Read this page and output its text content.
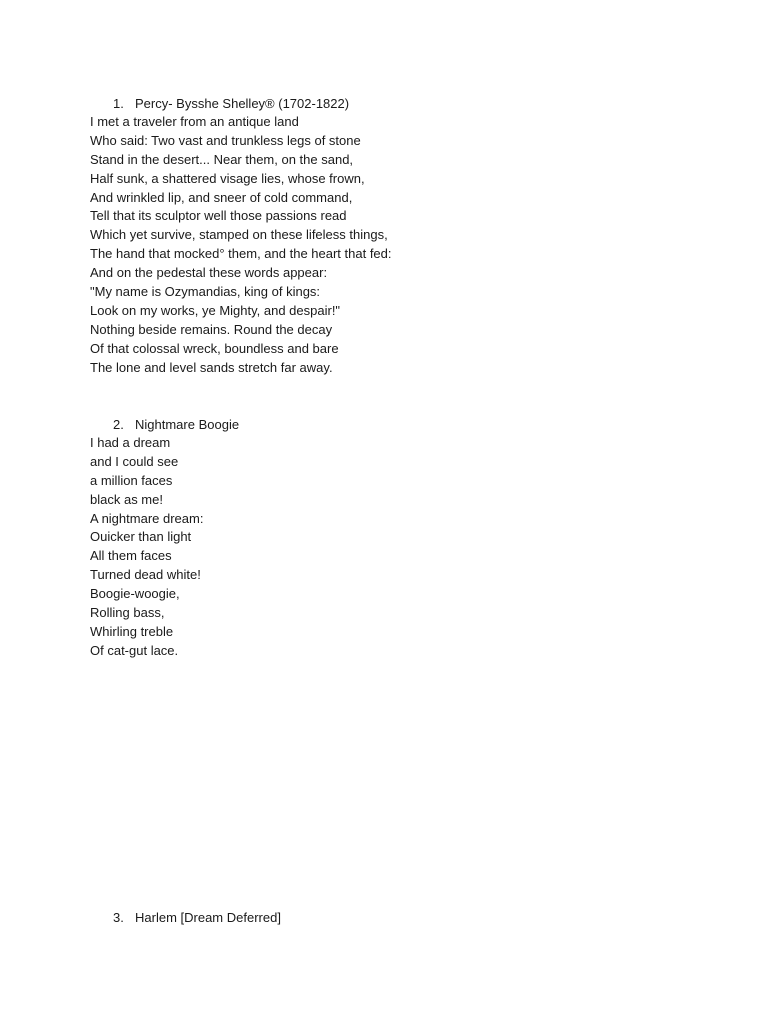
1. Percy- Bysshe Shelley® (1702-1822)
I met a traveler from an antique land
Who said: Two vast and trunkless legs of stone
Stand in the desert... Near them, on the sand,
Half sunk, a shattered visage lies, whose frown,
And wrinkled lip, and sneer of cold command,
Tell that its sculptor well those passions read
Which yet survive, stamped on these lifeless things,
The hand that mocked° them, and the heart that fed:
And on the pedestal these words appear:
"My name is Ozymandias, king of kings:
Look on my works, ye Mighty, and despair!"
Nothing beside remains. Round the decay
Of that colossal wreck, boundless and bare
The lone and level sands stretch far away.
2. Nightmare Boogie
I had a dream
and I could see
a million faces
black as me!
A nightmare dream:
Ouicker than light
All them faces
Turned dead white!
Boogie-woogie,
Rolling bass,
Whirling treble
Of cat-gut lace.
3. Harlem [Dream Deferred]
